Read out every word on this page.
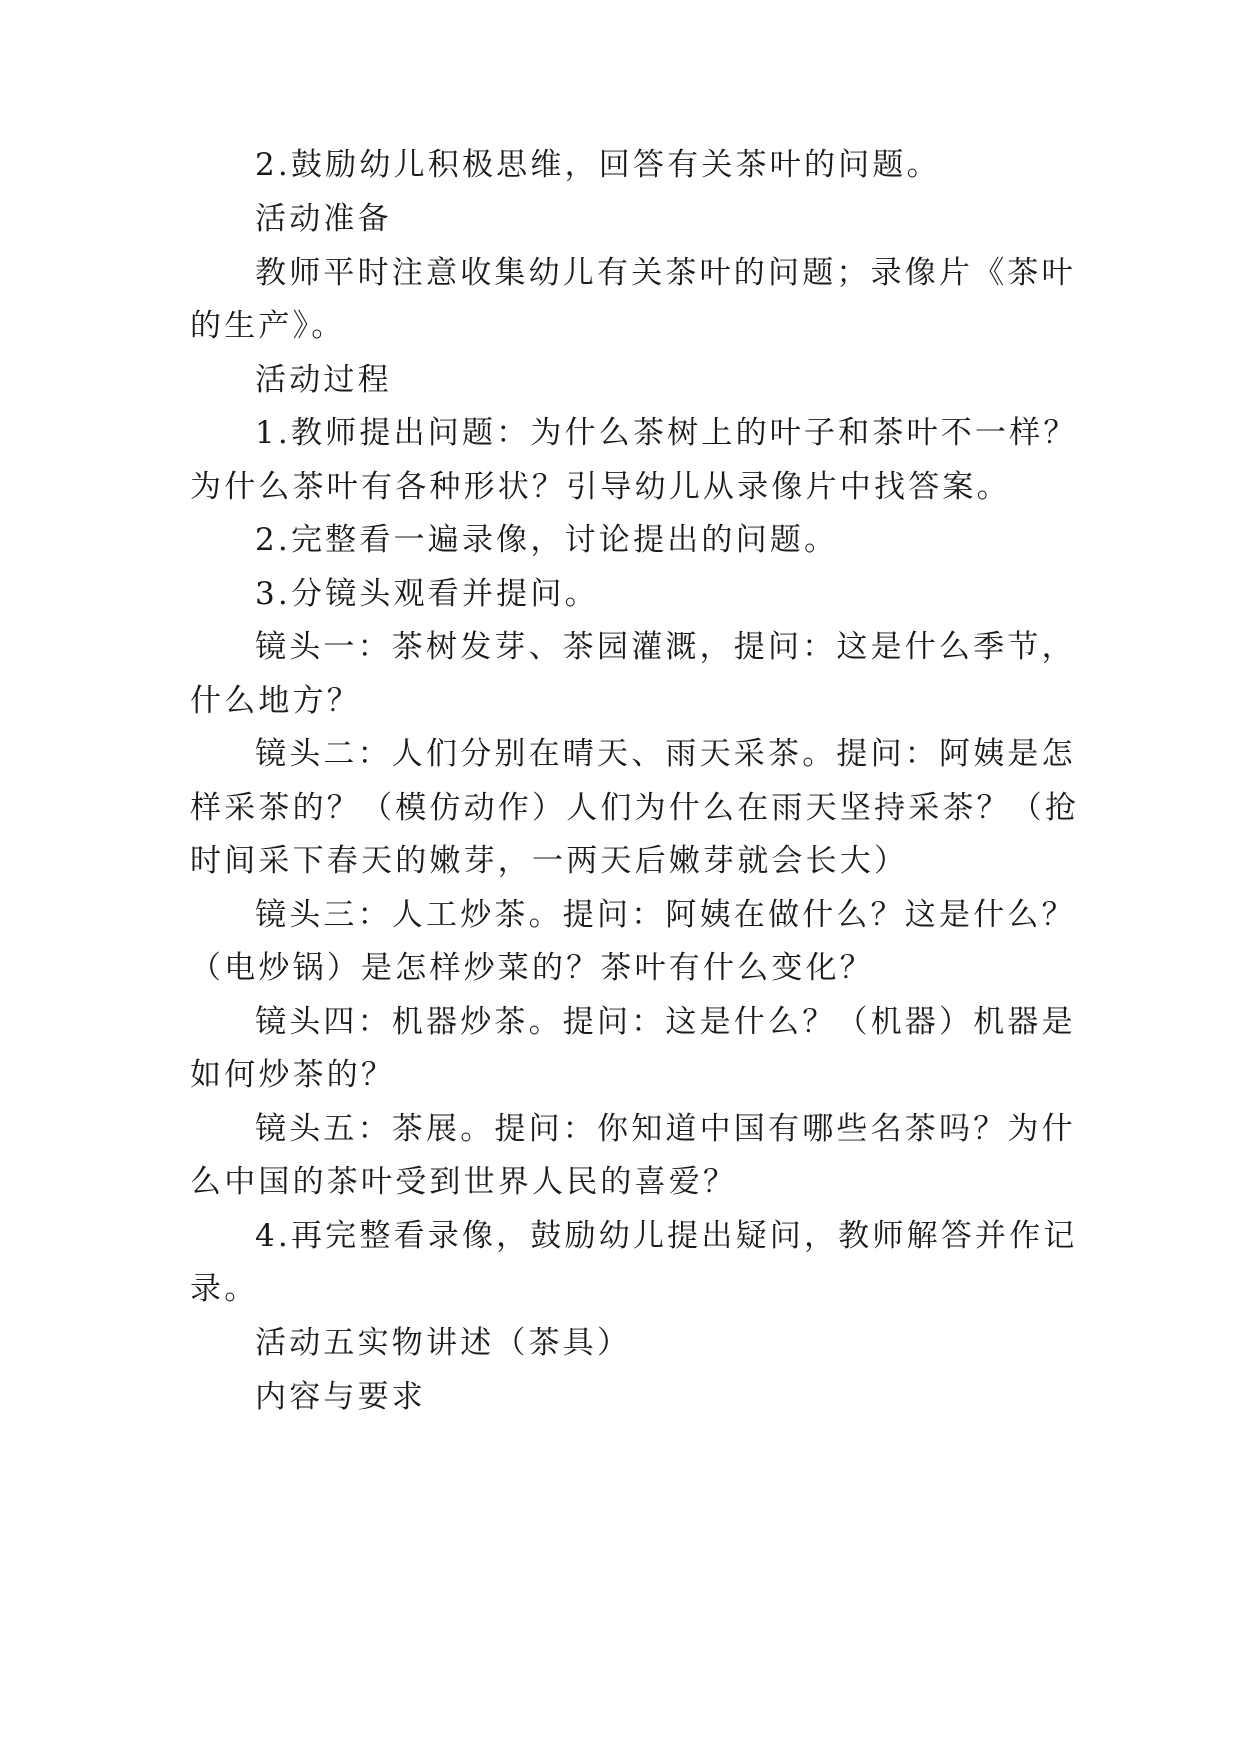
2.鼓励幼儿积极思维，回答有关茶叶的问题。
活动准备
教师平时注意收集幼儿有关茶叶的问题；录像片《茶叶
的生产》。
活动过程
1.教师提出问题：为什么茶树上的叶子和茶叶不一样？
为什么茶叶有各种形状？引导幼儿从录像片中找答案。
2.完整看一遍录像，讨论提出的问题。
3.分镜头观看并提问。
镜头一：茶树发芽、茶园灌溉，提问：这是什么季节，
什么地方？
镜头二：人们分别在晴天、雨天采茶。提问：阿姨是怎
样采茶的？（模仿动作）人们为什么在雨天坚持采茶？（抢
时间采下春天的嫩芽，一两天后嫩芽就会长大）
镜头三：人工炒茶。提问：阿姨在做什么？这是什么？
（电炒锅）是怎样炒菜的？茶叶有什么变化？
镜头四：机器炒茶。提问：这是什么？（机器）机器是
如何炒茶的？
镜头五：茶展。提问：你知道中国有哪些名茶吗？为什
么中国的茶叶受到世界人民的喜爱？
4.再完整看录像，鼓励幼儿提出疑问，教师解答并作记
录。
活动五实物讲述（茶具）
内容与要求
